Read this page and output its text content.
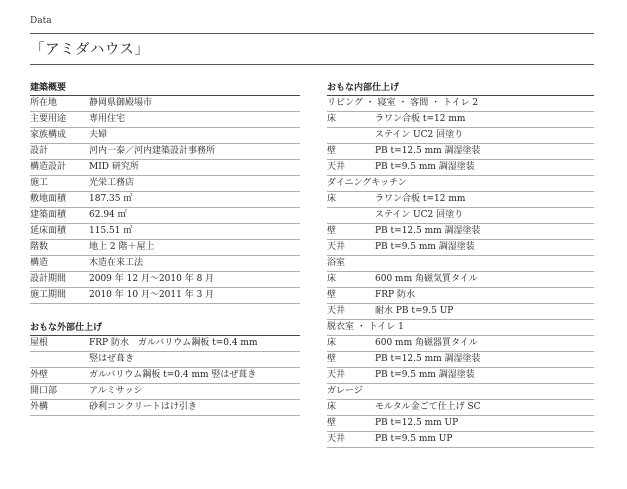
Data
「アミダハウス」
建築概要
所在地	静岡県御殿場市
主要用途	専用住宅
家族構成	夫婦
設計	河内一泰／河内建築設計事務所
構造設計	MID 研究所
施工	光栄工務店
敷地面積	187.35 ㎡
建築面積	62.94 ㎡
延床面積	115.51 ㎡
階数	地上 2 階＋屋上
構造	木造在来工法
設計期間	2009 年 12 月〜2010 年 8 月
施工期間	2010 年 10 月〜2011 年 3 月
おもな外部仕上げ
屋根	FRP 防水　ガルバリウム鋼板 t=0.4 mm
竪はぜ葺き
外壁	ガルバリウム鋼板 t=0.4 mm 竪はぜ葺き
開口部	アルミサッシ
外構	砂利コンクリートはけ引き
おもな内部仕上げ
リビング ・ 寝室 ・ 客間 ・ トイレ 2
床	ラワン合板 t=12 mm
ステイン UC2 回塗り
壁	PB t=12.5 mm 調湿塗装
天井	PB t=9.5 mm 調湿塗装
ダイニングキッチン
床	ラワン合板 t=12 mm
ステイン UC2 回塗り
壁	PB t=12.5 mm 調湿塗装
天井	PB t=9.5 mm 調湿塗装
浴室
床	600 mm 角磁気質タイル
壁	FRP 防水
天井	耐水 PB t=9.5 UP
脱衣室 ・ トイレ 1
床	600 mm 角磁器質タイル
壁	PB t=12.5 mm 調湿塗装
天井	PB t=9.5 mm 調湿塗装
ガレージ
床	モルタル金ごて仕上げ SC
壁	PB t=12.5 mm UP
天井	PB t=9.5 mm UP
